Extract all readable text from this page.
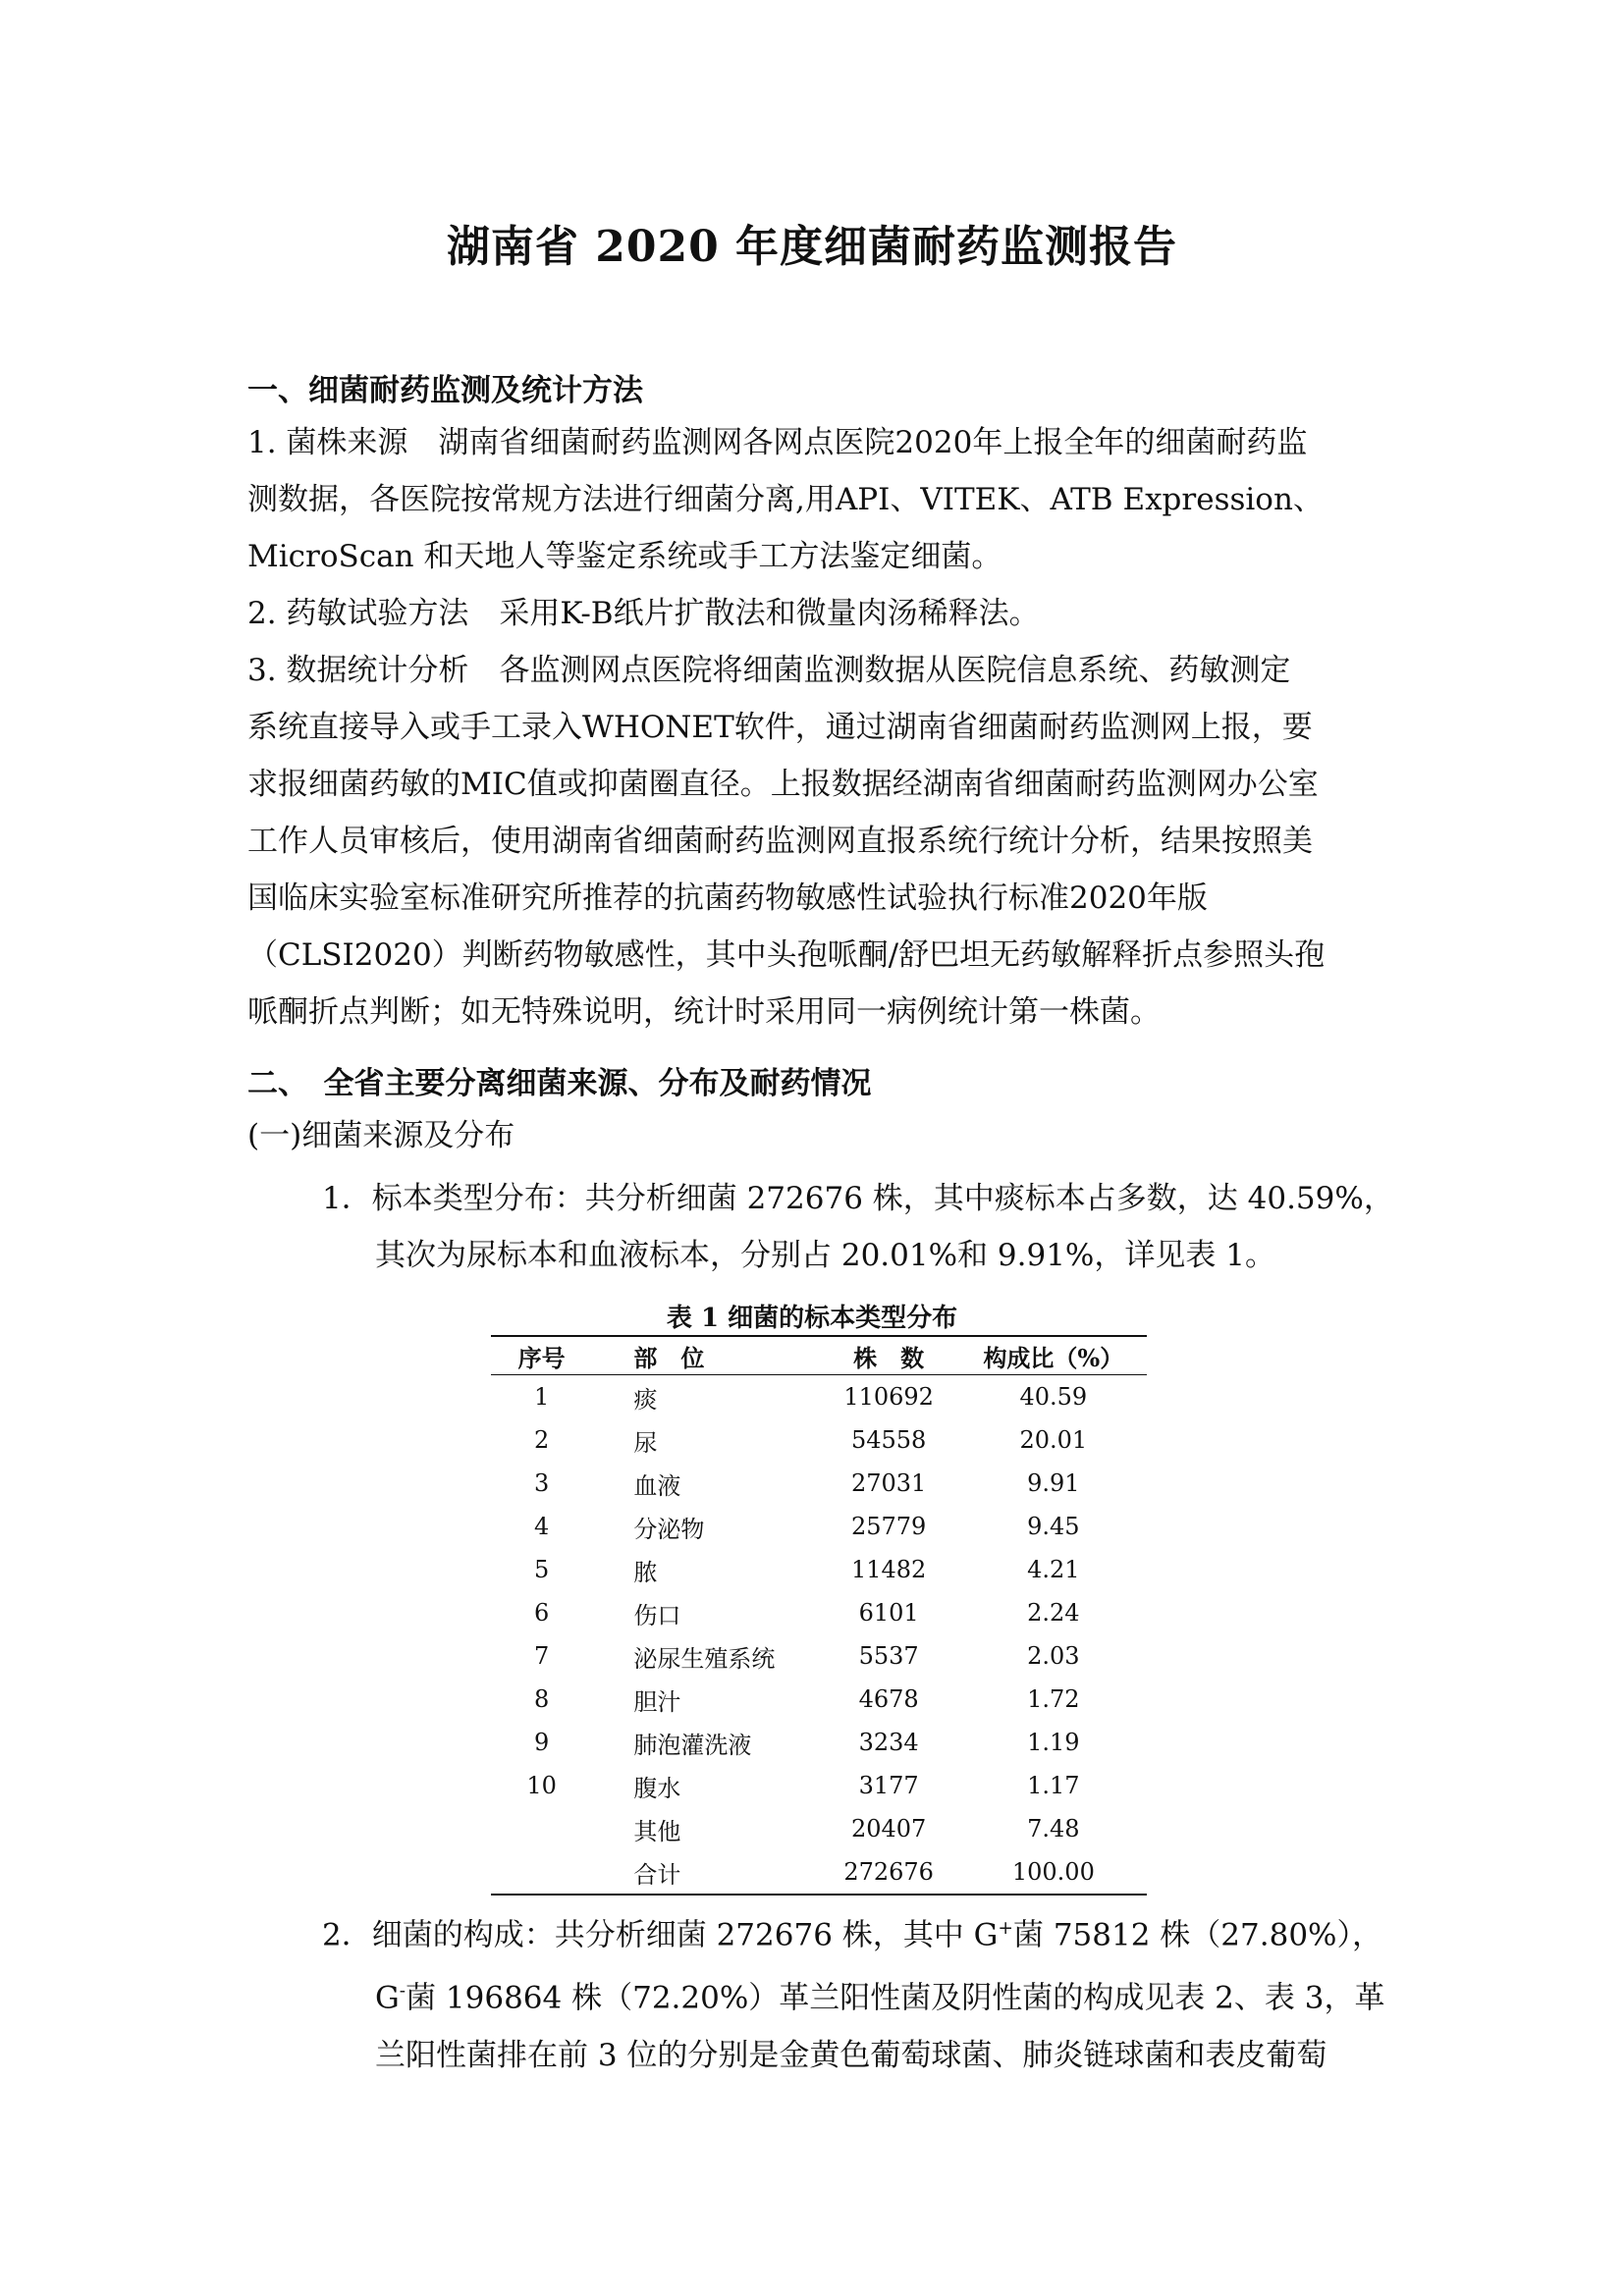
湖南省 2020 年度细菌耐药监测报告
一、细菌耐药监测及统计方法
1. 菌株来源　湖南省细菌耐药监测网各网点医院2020年上报全年的细菌耐药监
测数据，各医院按常规方法进行细菌分离,用API、VITEK、ATB Expression、
MicroScan 和天地人等鉴定系统或手工方法鉴定细菌。
2. 药敏试验方法　采用K-B纸片扩散法和微量肉汤稀释法。
3. 数据统计分析　各监测网点医院将细菌监测数据从医院信息系统、药敏测定
系统直接导入或手工录入WHONET软件，通过湖南省细菌耐药监测网上报，要
求报细菌药敏的MIC值或抑菌圈直径。上报数据经湖南省细菌耐药监测网办公室
工作人员审核后，使用湖南省细菌耐药监测网直报系统行统计分析，结果按照美
国临床实验室标准研究所推荐的抗菌药物敏感性试验执行标准2020年版
（CLSI2020）判断药物敏感性，其中头孢哌酮/舒巴坦无药敏解释折点参照头孢
哌酮折点判断；如无特殊说明，统计时采用同一病例统计第一株菌。
二、　全省主要分离细菌来源、分布及耐药情况
(一)细菌来源及分布
1．标本类型分布：共分析细菌 272676 株，其中痰标本占多数，达 40.59%，
其次为尿标本和血液标本，分别占 20.01%和 9.91%，详见表 1。
表 1 细菌的标本类型分布
序号	部　位	株　数	构成比（%）
1	痰	110692	40.59
2	尿	54558	20.01
3	血液	27031	9.91
4	分泌物	25779	9.45
5	脓	11482	4.21
6	伤口	6101	2.24
7	泌尿生殖系统	5537	2.03
8	胆汁	4678	1.72
9	肺泡灌洗液	3234	1.19
10	腹水	3177	1.17
	其他	20407	7.48
	合计	272676	100.00
2．细菌的构成：共分析细菌 272676 株，其中 G+菌 75812 株（27.80%），
G-菌 196864 株（72.20%）革兰阳性菌及阴性菌的构成见表 2、表 3，革
兰阳性菌排在前 3 位的分别是金黄色葡萄球菌、肺炎链球菌和表皮葡萄
